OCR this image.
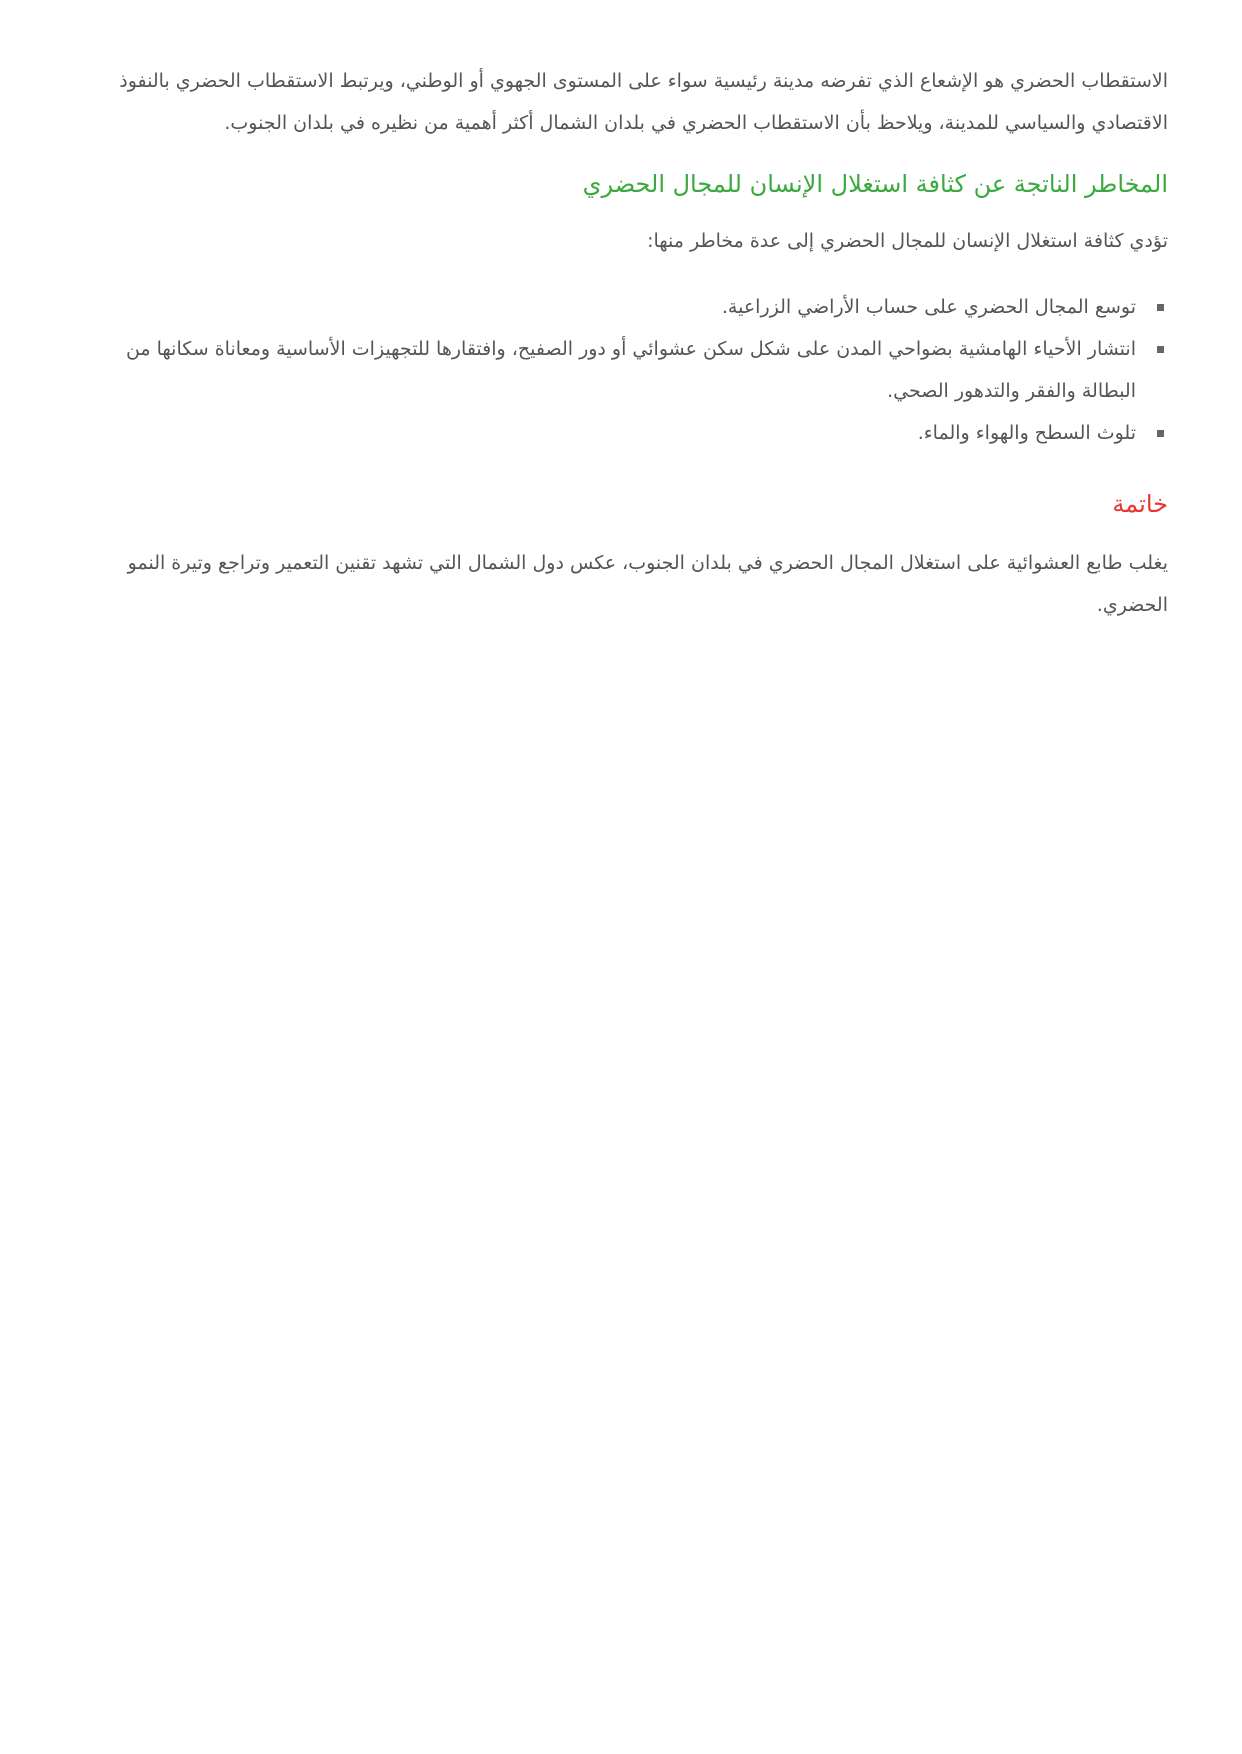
الاستقطاب الحضري هو الإشعاع الذي تفرضه مدينة رئيسية سواء على المستوى الجهوي أو الوطني، ويرتبط الاستقطاب الحضري بالنفوذ الاقتصادي والسياسي للمدينة، ويلاحظ بأن الاستقطاب الحضري في بلدان الشمال أكثر أهمية من نظيره في بلدان الجنوب.

المخاطر الناتجة عن كثافة استغلال الإنسان للمجال الحضري

تؤدي كثافة استغلال الإنسان للمجال الحضري إلى عدة مخاطر منها:

توسع المجال الحضري على حساب الأراضي الزراعية.
انتشار الأحياء الهامشية بضواحي المدن على شكل سكن عشوائي أو دور الصفيح، وافتقارها للتجهيزات الأساسية ومعاناة سكانها من البطالة والفقر والتدهور الصحي.
تلوث السطح والهواء والماء.
خاتمة

يغلب طابع العشوائية على استغلال المجال الحضري في بلدان الجنوب، عكس دول الشمال التي تشهد تقنين التعمير وتراجع وتيرة النمو الحضري.
